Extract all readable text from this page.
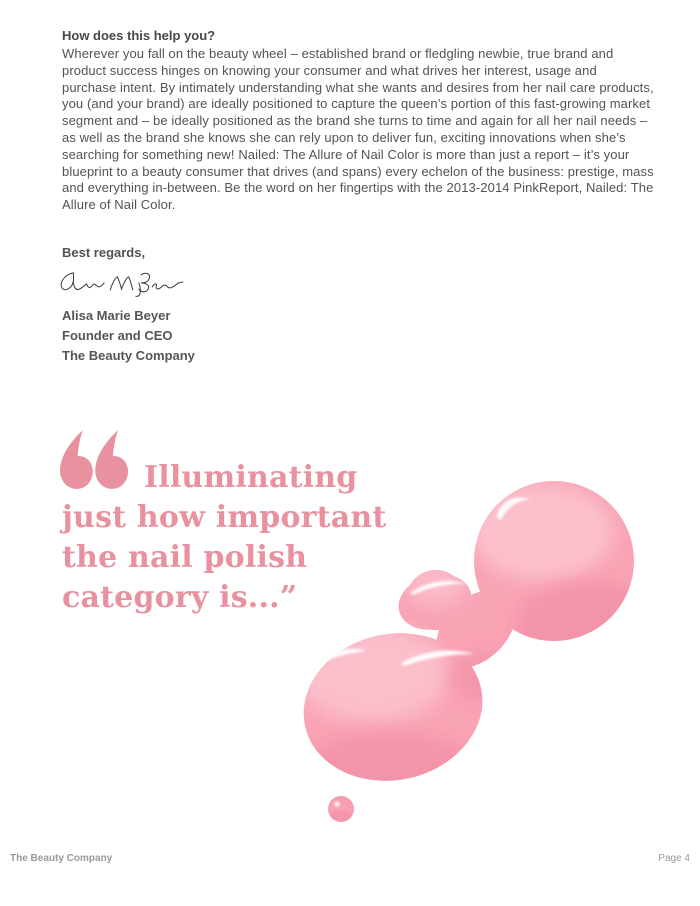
How does this help you?

Wherever you fall on the beauty wheel – established brand or fledgling newbie, true brand and product success hinges on knowing your consumer and what drives her interest, usage and purchase intent. By intimately understanding what she wants and desires from her nail care products, you (and your brand) are ideally positioned to capture the queen’s portion of this fast-growing market segment and – be ideally positioned as the brand she turns to time and again for all her nail needs – as well as the brand she knows she can rely upon to deliver fun, exciting innovations when she’s searching for something new! Nailed: The Allure of Nail Color is more than just a report – it’s your blueprint to a beauty consumer that drives (and spans) every echelon of the business: prestige, mass and everything in-between. Be the word on her fingertips with the 2013-2014 PinkReport, Nailed: The Allure of Nail Color.

Best regards,
Alisa Marie Beyer
Founder and CEO
The Beauty Company
Illuminating
just how important
the nail polish
category is...”
The Beauty Company	Page 4
